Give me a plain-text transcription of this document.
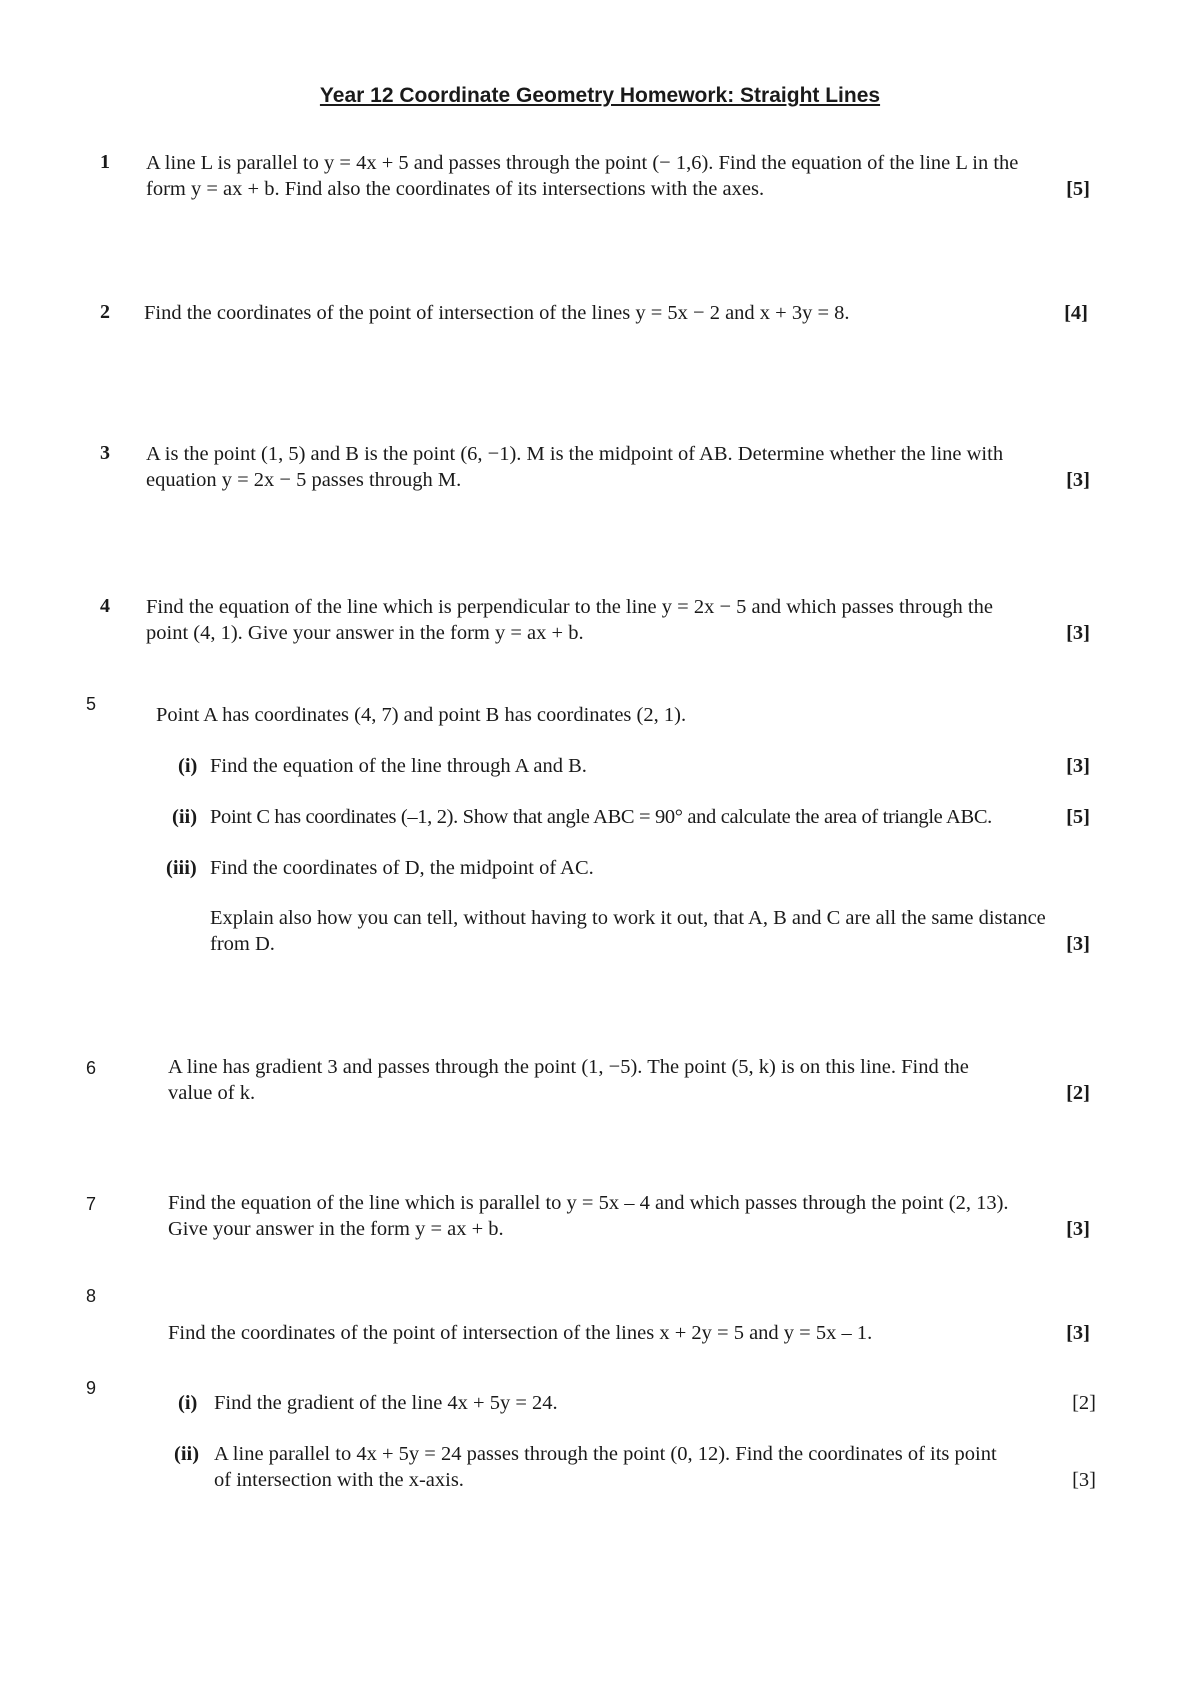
Year 12 Coordinate Geometry Homework: Straight Lines
1 A line L is parallel to y = 4x + 5 and passes through the point (− 1,6). Find the equation of the line L in the
form y = ax + b. Find also the coordinates of its intersections with the axes.	[5]
2 Find the coordinates of the point of intersection of the lines y = 5x − 2 and x + 3y = 8.	[4]
3 A is the point (1, 5) and B is the point (6, −1). M is the midpoint of AB. Determine whether the line with
equation y = 2x − 5 passes through M.	[3]
4 Find the equation of the line which is perpendicular to the line y = 2x − 5 and which passes through the
point (4, 1). Give your answer in the form y = ax + b.	[3]
5	Point A has coordinates (4, 7) and point B has coordinates (2, 1).
(i) Find the equation of the line through A and B.	[3]
(ii) Point C has coordinates (–1, 2). Show that angle ABC = 90° and calculate the area of triangle ABC.	[5]
(iii) Find the coordinates of D, the midpoint of AC.
Explain also how you can tell, without having to work it out, that A, B and C are all the same distance
from D.	[3]
6	A line has gradient 3 and passes through the point (1, −5). The point (5, k) is on this line. Find the
value of k.	[2]
7	Find the equation of the line which is parallel to y = 5x – 4 and which passes through the point (2, 13).
Give your answer in the form y = ax + b.	[3]
8
Find the coordinates of the point of intersection of the lines x + 2y = 5 and y = 5x – 1.	[3]
9
(i) Find the gradient of the line 4x + 5y = 24.	[2]
(ii) A line parallel to 4x + 5y = 24 passes through the point (0, 12). Find the coordinates of its point
of intersection with the x-axis.	[3]
